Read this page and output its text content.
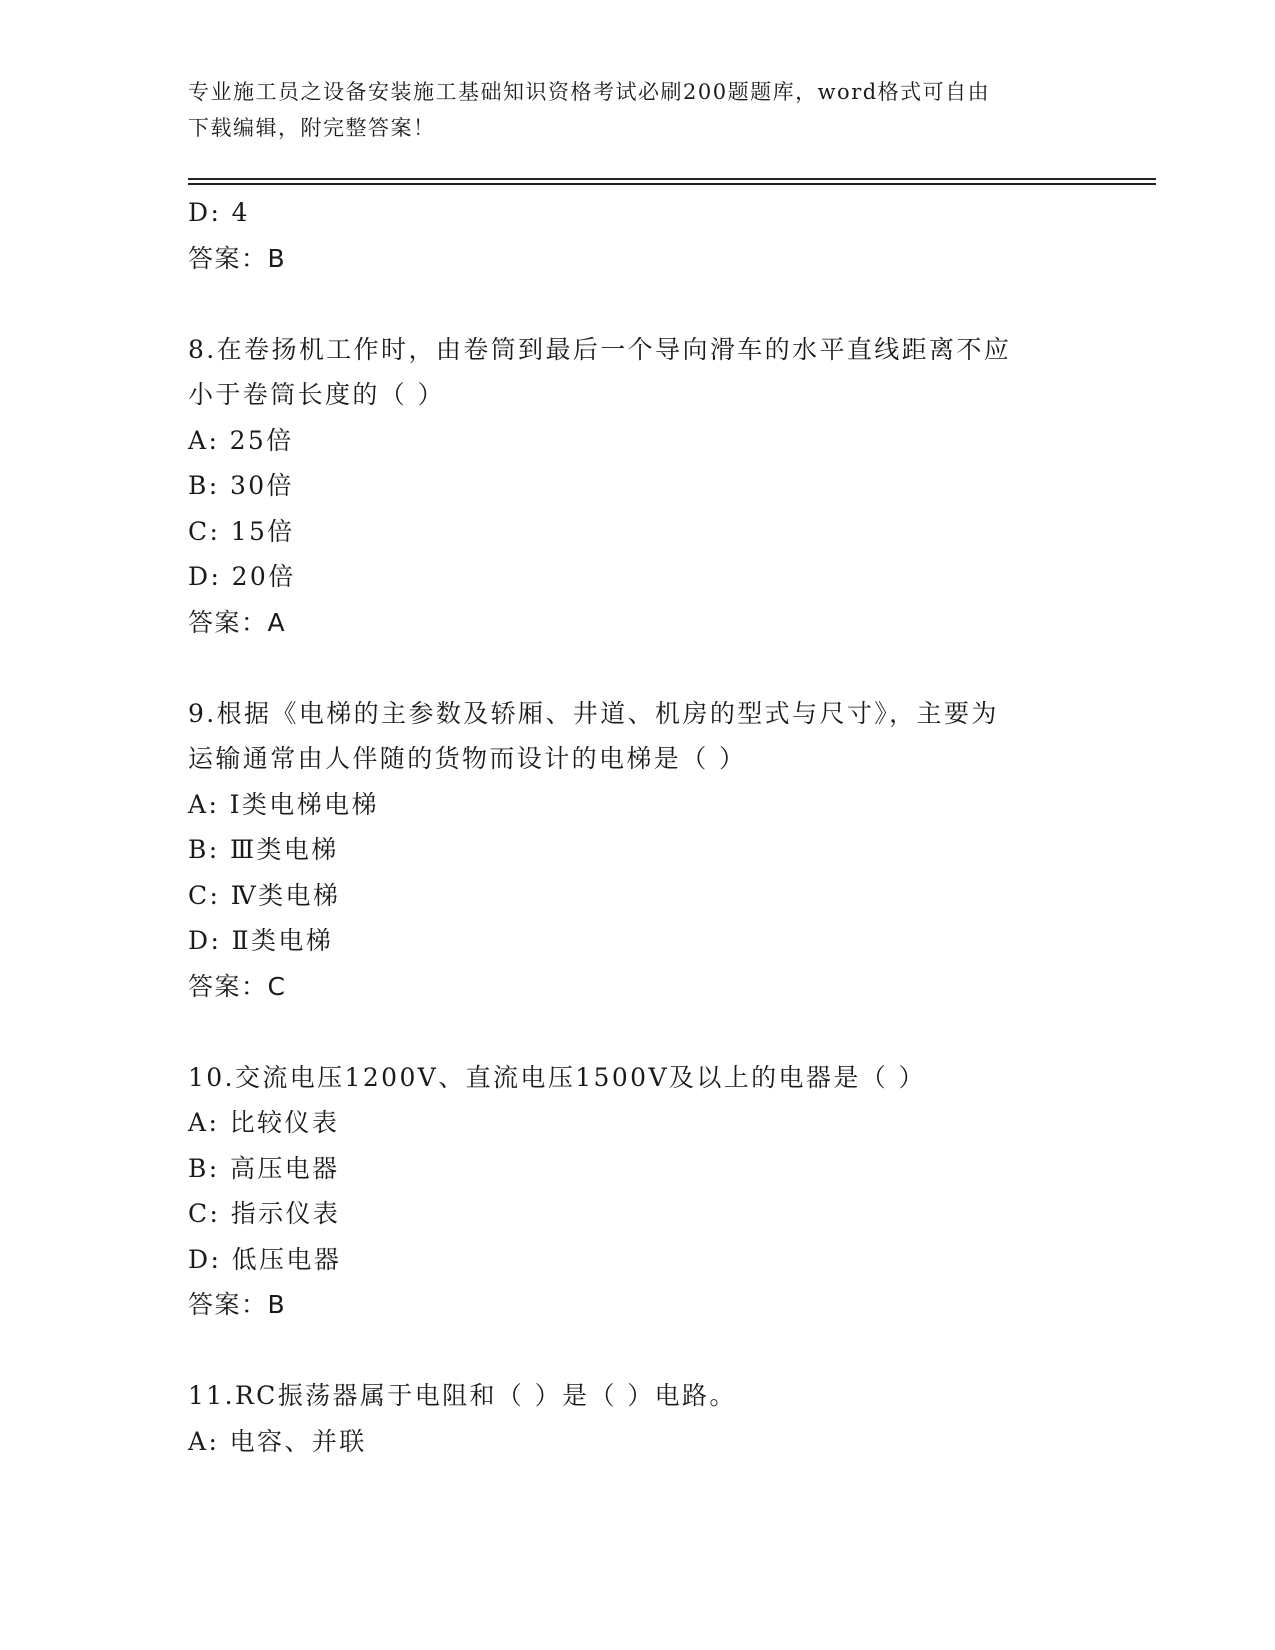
专业施工员之设备安装施工基础知识资格考试必刷200题题库，word格式可自由
下载编辑，附完整答案！
D: 4
答案：B
8.在卷扬机工作时，由卷筒到最后一个导向滑车的水平直线距离不应
小于卷筒长度的（ ）
A: 25倍
B: 30倍
C: 15倍
D: 20倍
答案：A
9.根据《电梯的主参数及轿厢、井道、机房的型式与尺寸》，主要为
运输通常由人伴随的货物而设计的电梯是（ ）
A: Ⅰ类电梯电梯
B: Ⅲ类电梯
C: Ⅳ类电梯
D: Ⅱ类电梯
答案：C
10.交流电压1200V、直流电压1500V及以上的电器是（ ）
A: 比较仪表
B: 高压电器
C: 指示仪表
D: 低压电器
答案：B
11.RC振荡器属于电阻和（ ）是（ ）电路。
A: 电容、并联
